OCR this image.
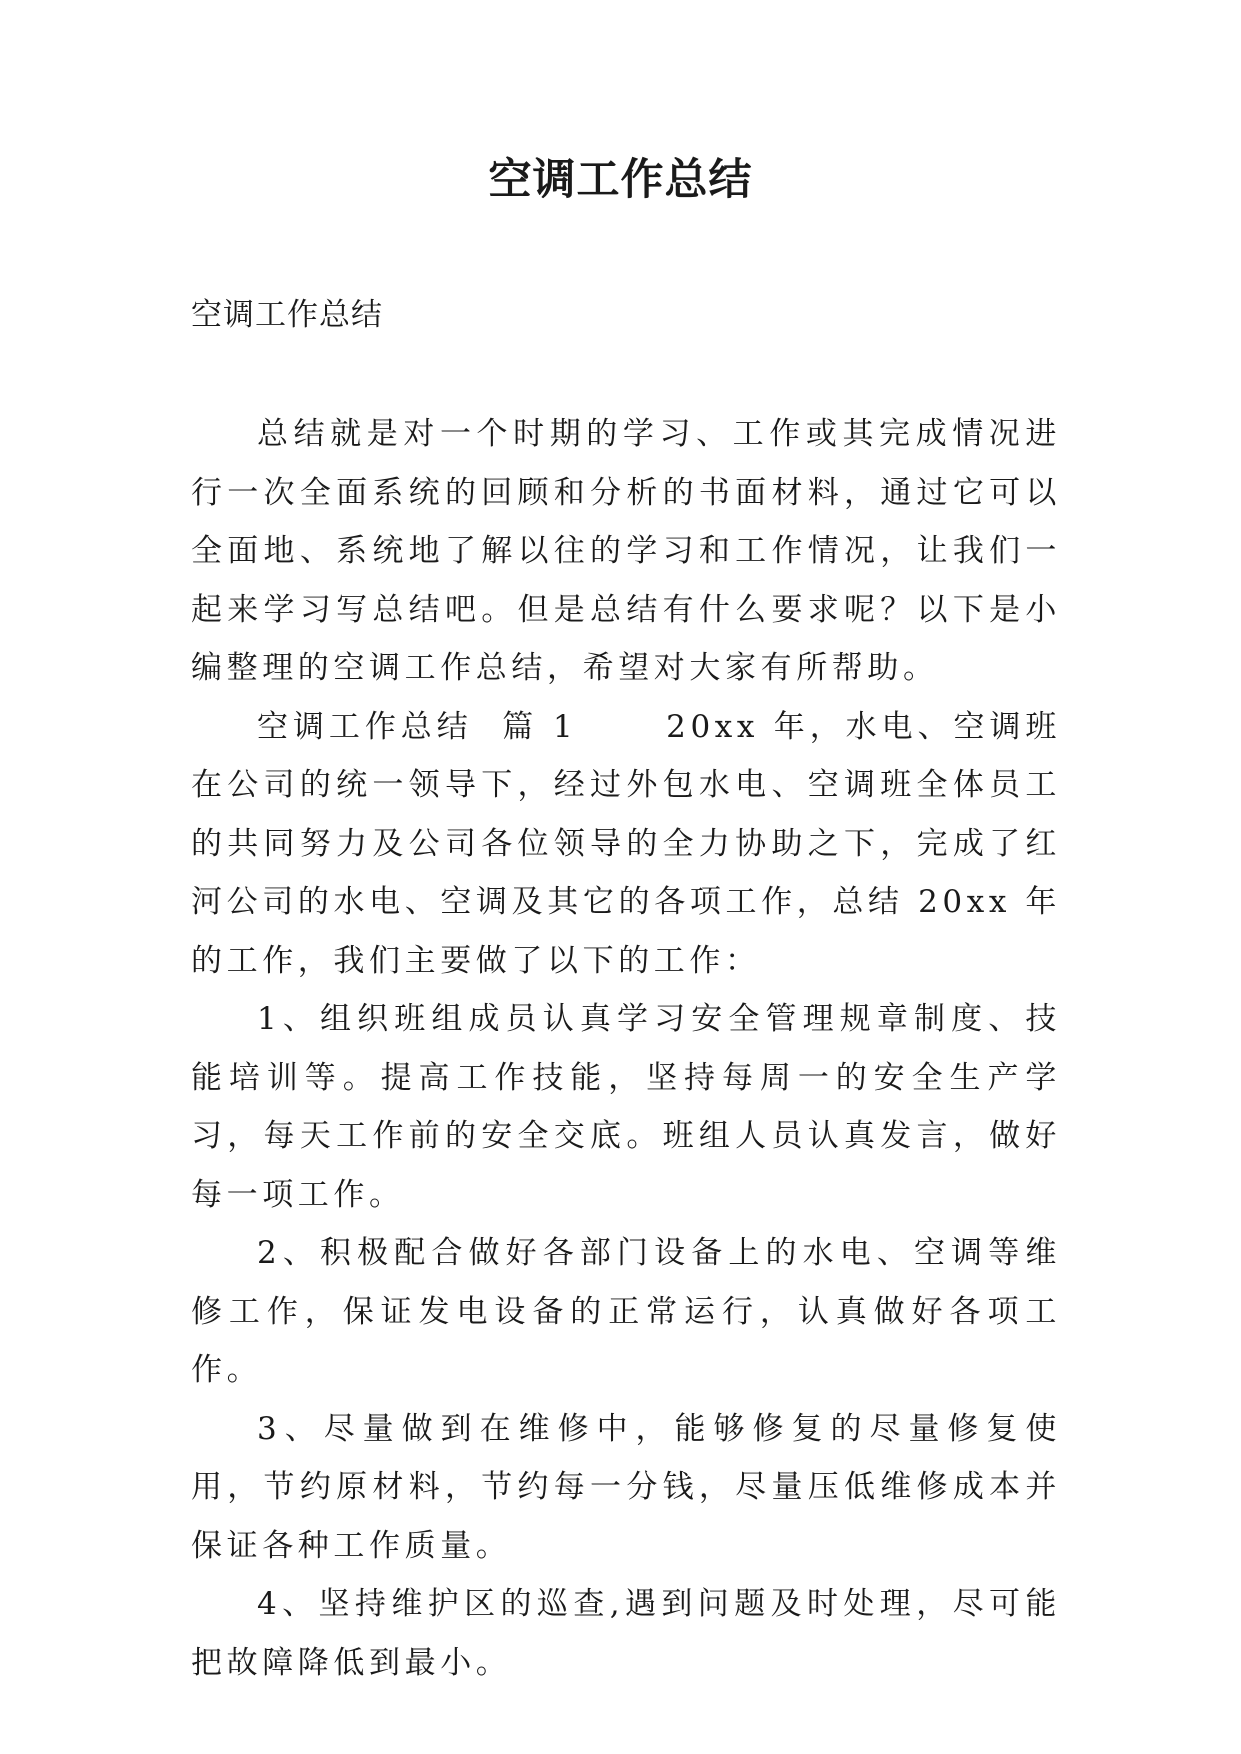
空调工作总结

空调工作总结

总结就是对一个时期的学习、工作或其完成情况进行一次全面系统的回顾和分析的书面材料，通过它可以全面地、系统地了解以往的学习和工作情况，让我们一起来学习写总结吧。但是总结有什么要求呢？以下是小编整理的空调工作总结，希望对大家有所帮助。

空调工作总结  篇 1      20xx 年，水电、空调班在公司的统一领导下，经过外包水电、空调班全体员工的共同努力及公司各位领导的全力协助之下，完成了红河公司的水电、空调及其它的各项工作，总结 20xx 年的工作，我们主要做了以下的工作：

1、组织班组成员认真学习安全管理规章制度、技能培训等。提高工作技能，坚持每周一的安全生产学习，每天工作前的安全交底。班组人员认真发言，做好每一项工作。

2、积极配合做好各部门设备上的水电、空调等维修工作，保证发电设备的正常运行，认真做好各项工作。

3、尽量做到在维修中，能够修复的尽量修复使用，节约原材料，节约每一分钱，尽量压低维修成本并保证各种工作质量。

4、坚持维护区的巡查,遇到问题及时处理，尽可能把故障降低到最小。
